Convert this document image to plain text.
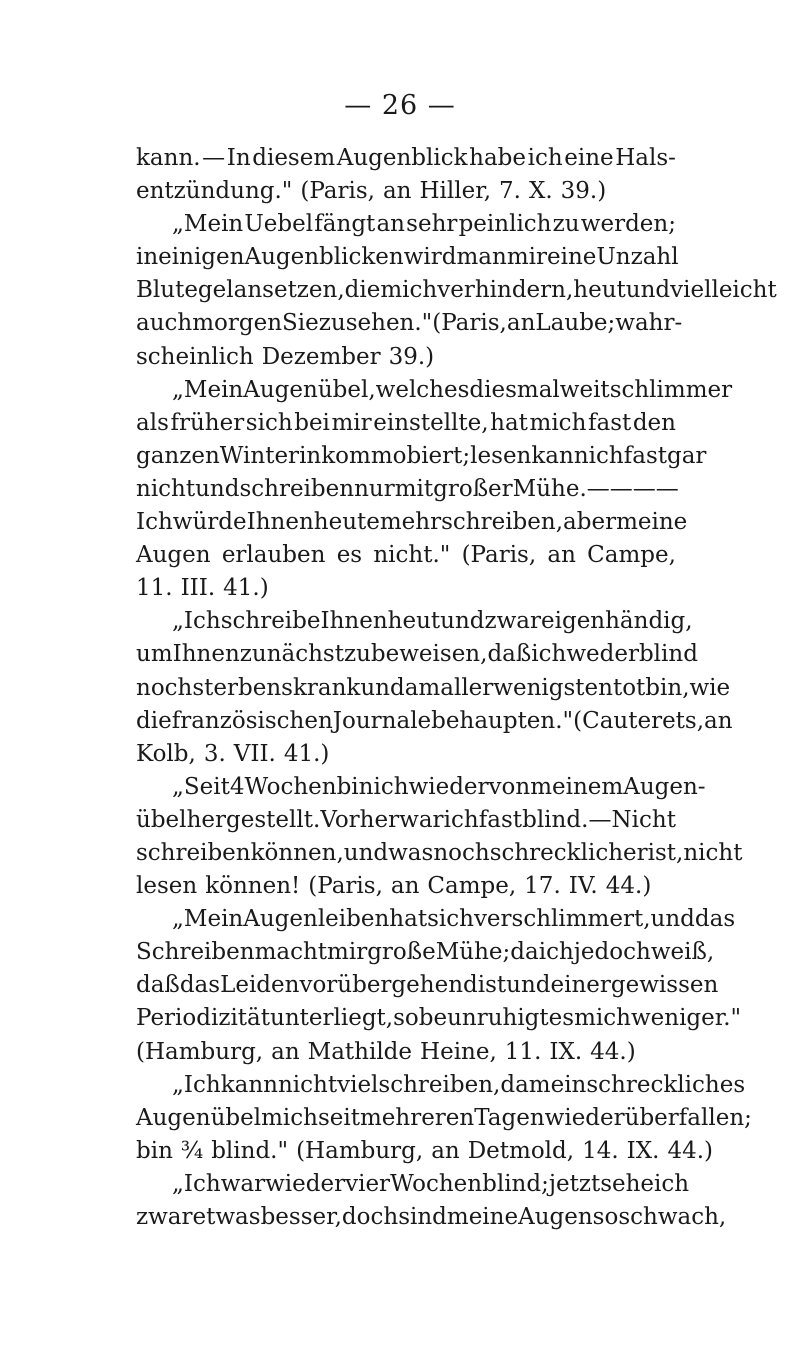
— 26 —
kann. — In diesem Augenblick habe ich eine Hals-
entzündung." (Paris, an Hiller, 7. X. 39.)
„Mein Uebel fängt an sehr peinlich zu werden;
in einigen Augenblicken wird man mir eine Unzahl
Blutegel ansetzen, die mich verhindern, heut und vielleicht
auch morgen Sie zu sehen." (Paris, an Laube; wahr-
scheinlich Dezember 39.)
„Mein Augenübel, welches diesmal weit schlimmer
als früher sich bei mir einstellte, hat mich fast den
ganzen Winter inkommobiert; lesen kann ich fast gar
nicht und schreiben nur mit großer Mühe. — — — —
Ich würde Ihnen heute mehr schreiben, aber meine
Augen erlauben es nicht." (Paris, an Campe,
11. III. 41.)
„Ich schreibe Ihnen heut und zwar eigenhändig,
um Ihnen zunächst zu beweisen, daß ich weder blind
noch sterbenskrank und am allerwenigsten tot bin, wie
die französischen Journale behaupten." (Cauterets, an
Kolb, 3. VII. 41.)
„Seit 4 Wochen bin ich wieder von meinem Augen-
übel hergestellt. Vorher war ich fast blind. — Nicht
schreiben können, und was noch schrecklicher ist, nicht
lesen können! (Paris, an Campe, 17. IV. 44.)
„Mein Augenleiben hat sich verschlimmert, und das
Schreiben macht mir große Mühe; da ich jedoch weiß,
daß das Leiden vorübergehend ist und einer gewissen
Periodizität unterliegt, so beunruhigt es mich weniger."
(Hamburg, an Mathilde Heine, 11. IX. 44.)
„Ich kann nicht viel schreiben, da mein schreckliches
Augenübel mich seit mehreren Tagen wieder überfallen;
bin ¾ blind." (Hamburg, an Detmold, 14. IX. 44.)
„Ich war wieder vier Wochen blind; jetzt sehe ich
zwar etwas besser, doch sind meine Augen so schwach,
